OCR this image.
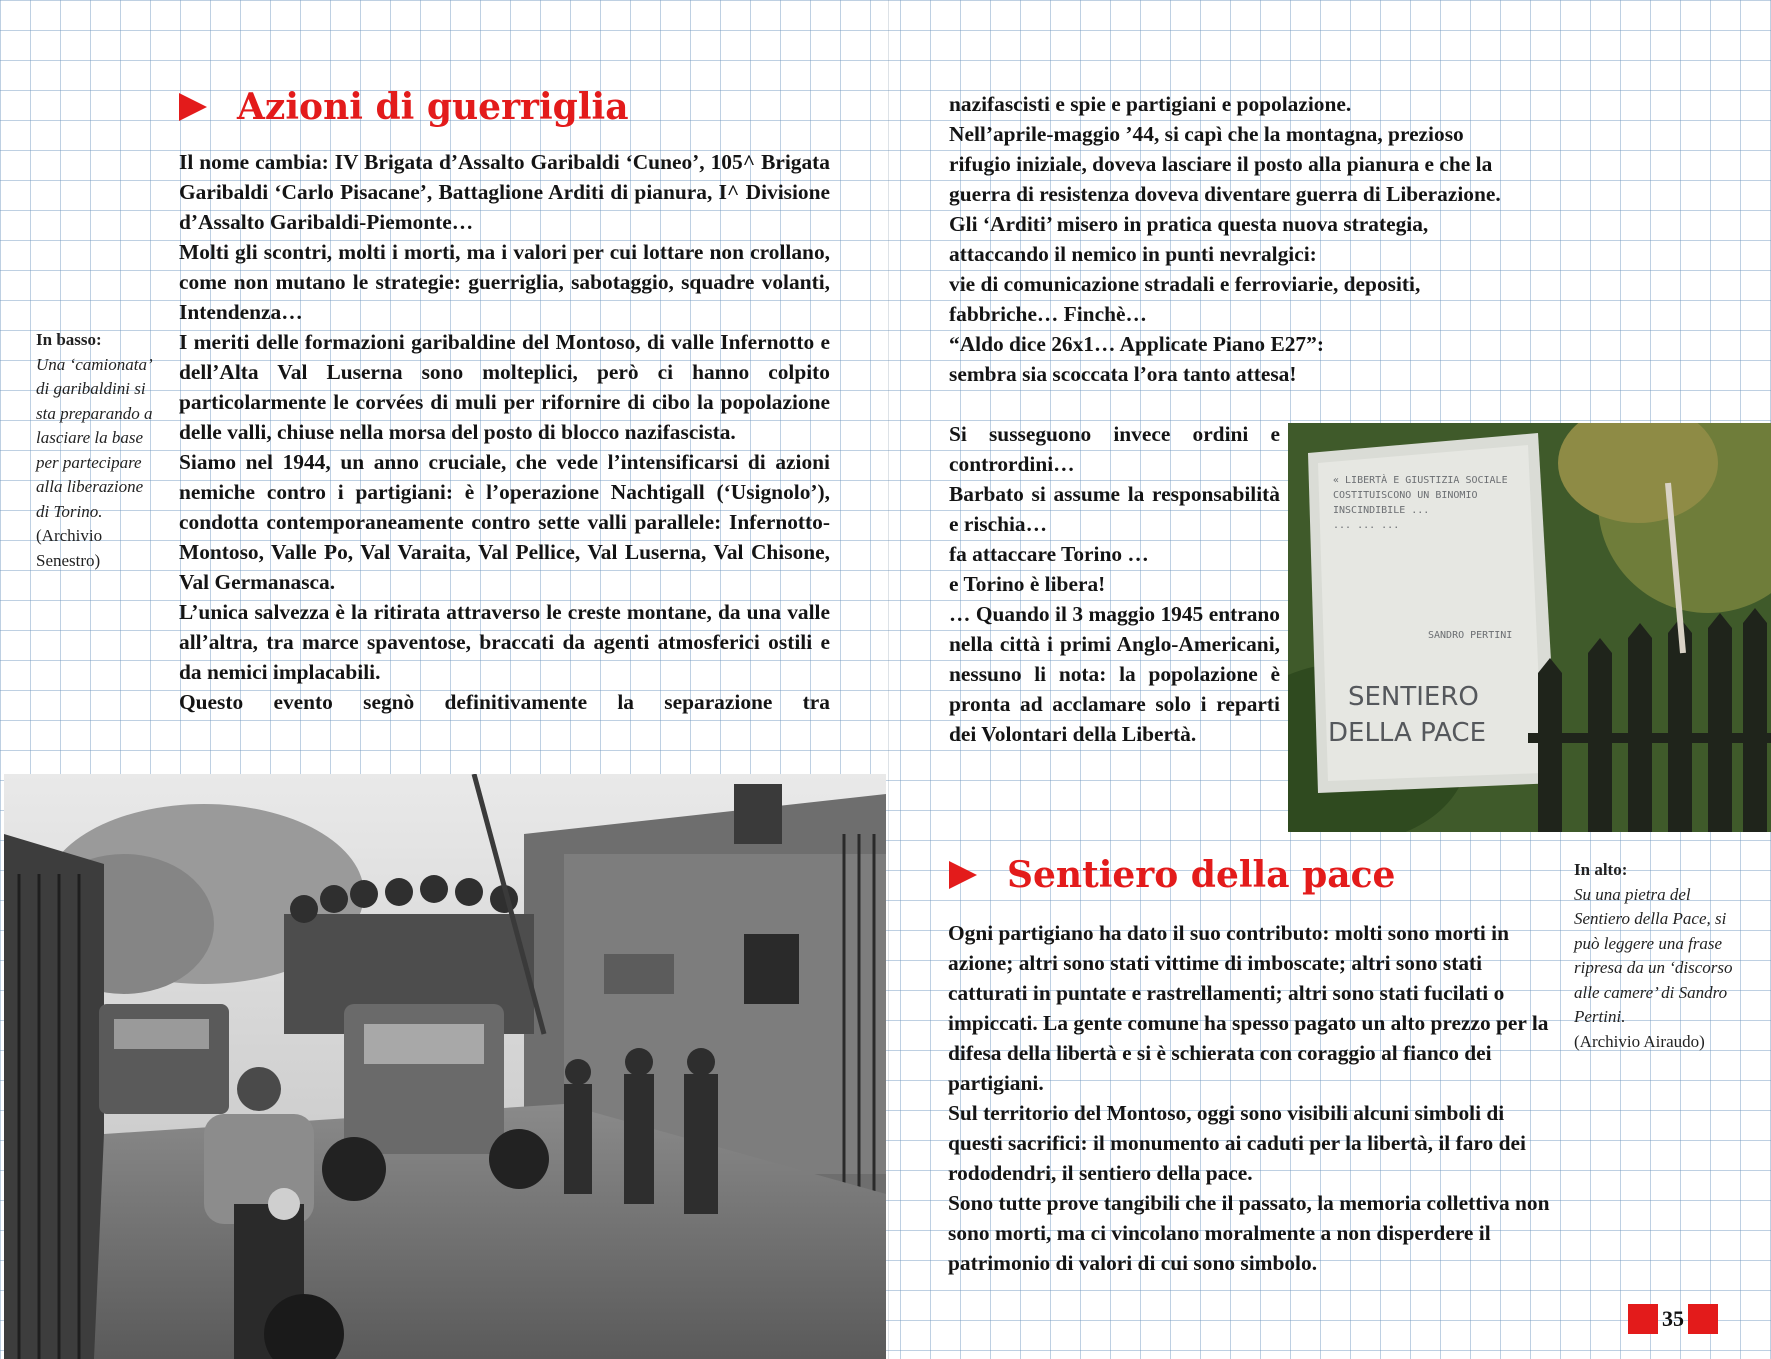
Azioni di guerriglia

Il nome cambia: IV Brigata d’Assalto Garibaldi ‘Cuneo’, 105^ Brigata Garibaldi ‘Carlo Pisacane’, Battaglione Arditi di pianura, I^ Divisione d’Assalto Garibaldi-Piemonte…

Molti gli scontri, molti i morti, ma i valori per cui lottare non crollano, come non mutano le strategie: guerriglia, sabotaggio, squadre volanti, Intendenza…

I meriti delle formazioni garibaldine del Montoso, di valle Infernotto e dell’Alta Val Luserna sono molteplici, però ci hanno colpito particolarmente le corvées di muli per rifornire di cibo la popolazione delle valli, chiuse nella morsa del posto di blocco nazifascista.

Siamo nel 1944, un anno cruciale, che vede l’intensificarsi di azioni nemiche contro i partigiani: è l’operazione Nachtigall (‘Usignolo’), condotta contemporaneamente contro sette valli parallele: Infernotto- Montoso, Valle Po, Val Varaita, Val Pellice, Val Luserna, Val Chisone, Val Germanasca.

L’unica salvezza è la ritirata attraverso le creste montane, da una valle all’altra, tra marce spaventose, braccati da agenti atmosferici ostili e da nemici implacabili.

Questo evento segnò definitivamente la separazione tra

In basso:
Una ‘camionata’ di garibaldini si sta preparando a lasciare la base per partecipare alla liberazione di Torino.
(Archivio Senestro)

nazifascisti e spie e partigiani e popolazione.

Nell’aprile-maggio ’44, si capì che la montagna, prezioso rifugio iniziale, doveva lasciare il posto alla pianura e che la guerra di resistenza doveva diventare guerra di Liberazione.

Gli ‘Arditi’ misero in pratica questa nuova strategia, attaccando il nemico in punti nevralgici:

vie di comunicazione stradali e ferroviarie, depositi, fabbriche… Finchè…

“Aldo dice 26x1… Applicate Piano E27”:

sembra sia scoccata l’ora tanto attesa!

Si susseguono invece ordini e contrordini…

Barbato si assume la responsabilità e rischia…

fa attaccare Torino …

e Torino è libera!

… Quando il 3 maggio 1945 entrano nella città i primi Anglo-Americani, nessuno li nota: la popolazione è pronta ad acclamare solo i reparti dei Volontari della Libertà.

« LIBERTÀ E GIUSTIZIA SOCIALE
COSTITUISCONO UN BINOMIO
INSCINDIBILE ...
... ... ...
SANDRO PERTINI
SENTIERO
DELLA PACE
Sentiero della pace

Ogni partigiano ha dato il suo contributo: molti sono morti in azione; altri sono stati vittime di imboscate; altri sono stati catturati in puntate e rastrellamenti; altri sono stati fucilati o impiccati. La gente comune ha spesso pagato un alto prezzo per la difesa della libertà e si è schierata con coraggio al fianco dei partigiani.

Sul territorio del Montoso, oggi sono visibili alcuni simboli di questi sacrifici: il monumento ai caduti per la libertà, il faro dei rododendri, il sentiero della pace.

Sono tutte prove tangibili che il passato, la memoria collettiva non sono morti, ma ci vincolano moralmente a non disperdere il patrimonio di valori di cui sono simbolo.

In alto:
Su una pietra del Sentiero della Pace, si può leggere una frase ripresa da un ‘discorso alle camere’ di Sandro Pertini.
(Archivio Airaudo)
35
